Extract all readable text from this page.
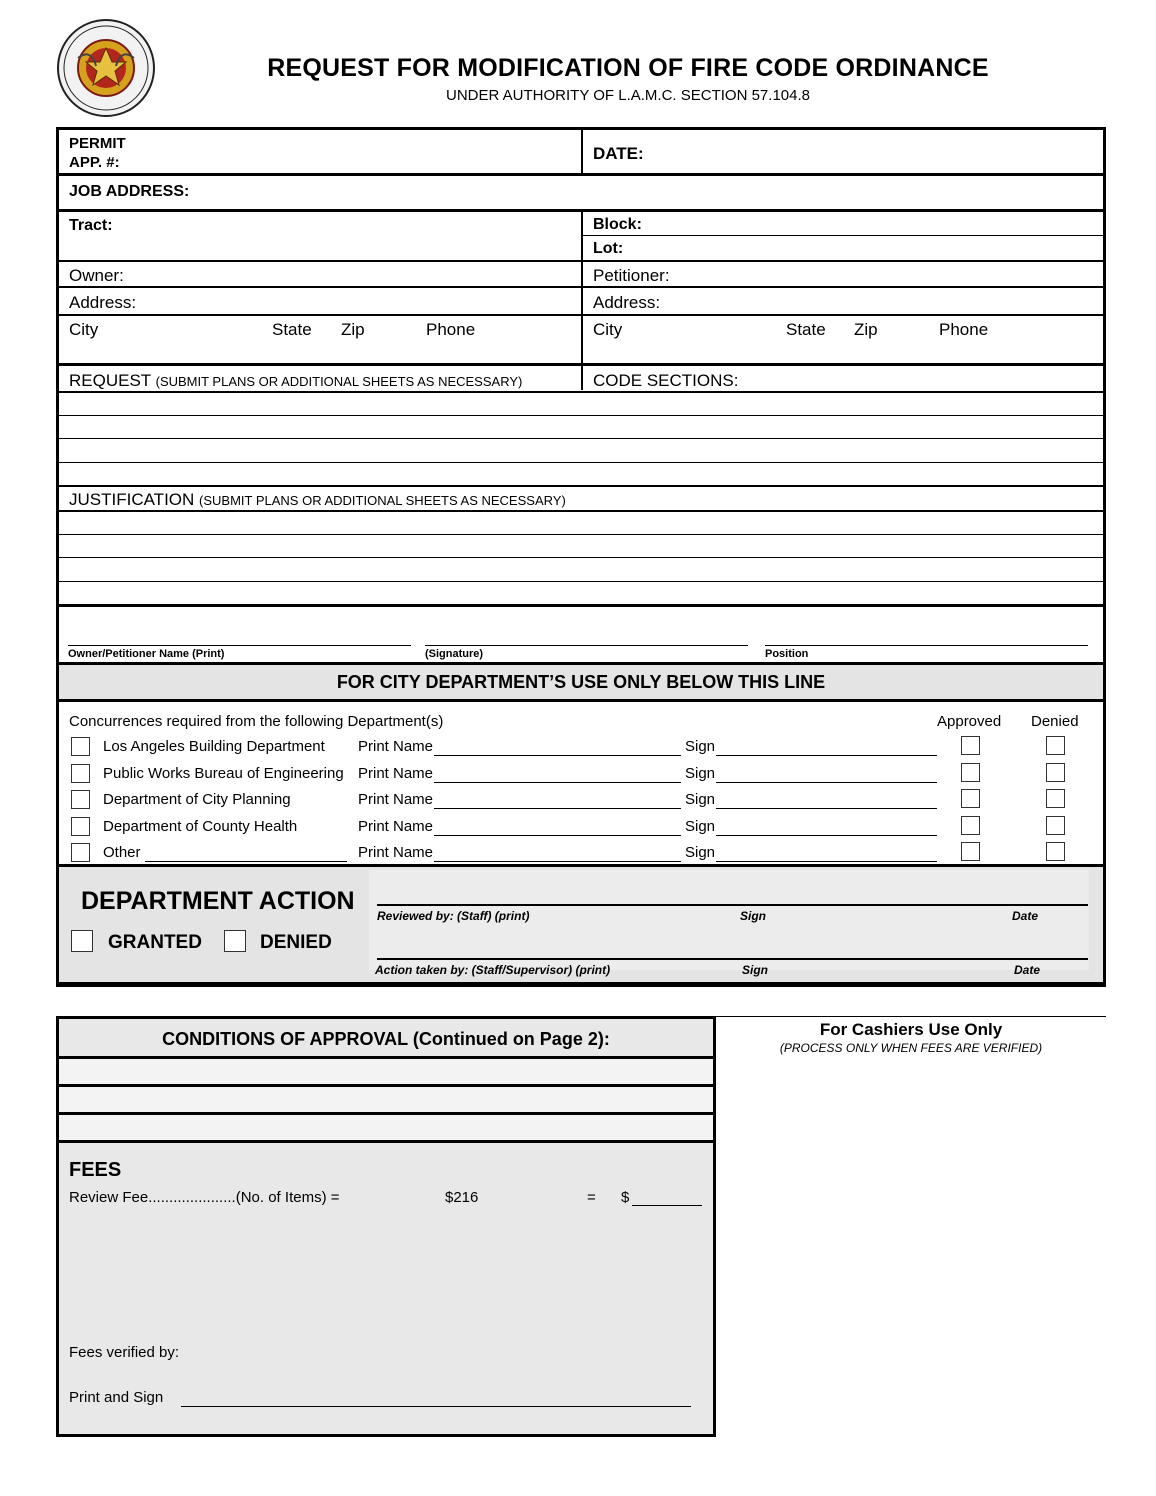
REQUEST FOR MODIFICATION OF FIRE CODE ORDINANCE
UNDER AUTHORITY OF L.A.M.C. SECTION 57.104.8
PERMIT
APP. #:	DATE:
JOB ADDRESS:
Tract:	Block:
Lot:
Owner:	Petitioner:
Address:	Address:
City	State Zip	Phone	City	State Zip	Phone
REQUEST (SUBMIT PLANS OR ADDITIONAL SHEETS AS NECESSARY)	CODE SECTIONS:
JUSTIFICATION (SUBMIT PLANS OR ADDITIONAL SHEETS AS NECESSARY)
Owner/Petitioner Name (Print)	(Signature)	Position
FOR CITY DEPARTMENT’S USE ONLY BELOW THIS LINE
Concurrences required from the following Department(s)	Approved Denied
Los Angeles Building Department Print Name	Sign
Public Works Bureau of Engineering Print Name	Sign
Department of City Planning	Print Name	Sign
Department of County Health	Print Name	Sign
Other	Print Name	Sign
DEPARTMENT ACTION
GRANTED	DENIED
Reviewed by: (Staff) (print)	Sign	Date
Action taken by: (Staff/Supervisor) (print)	Sign	Date
CONDITIONS OF APPROVAL (Continued on Page 2):
FEES
Review Fee.....................(No. of Items) =	$216	= $
Fees verified by:
Print and Sign
For Cashiers Use Only
(PROCESS ONLY WHEN FEES ARE VERIFIED)
